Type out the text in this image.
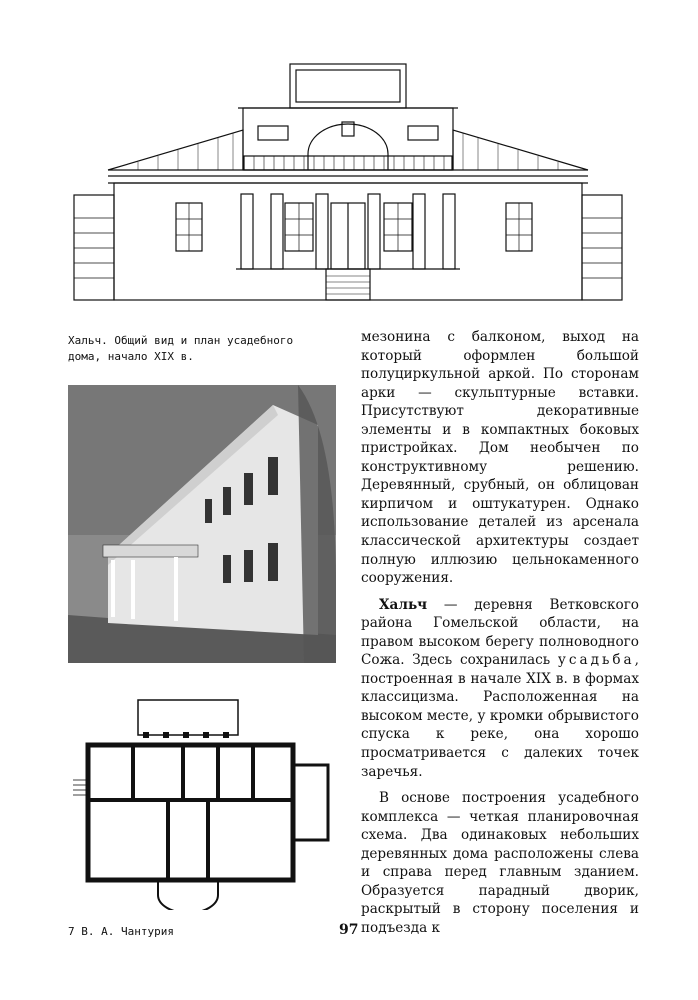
Хальч. Общий вид и план усадебного дома, начало XIX в.

мезонина с балконом, выход на который оформлен большой полуциркульной аркой. По сторонам арки — скульптурные вставки. Присутствуют декоративные элементы и в компактных боковых пристройках. Дом необычен по конструктивному решению. Деревянный, срубный, он облицован кирпичом и оштукатурен. Однако использование деталей из арсенала классической архитектуры создает полную иллюзию цельнокаменного сооружения.

Хальч — деревня Ветковского района Гомельской области, на правом высоком берегу полноводного Сожа. Здесь сохранилась усадьба, построенная в начале XIX в. в формах классицизма. Расположенная на высоком месте, у кромки обрывистого спуска к реке, она хорошо просматривается с далеких точек заречья.

В основе построения усадебного комплекса — четкая планировочная схема. Два одинаковых небольших деревянных дома расположены слева и справа перед главным зданием. Образуется парадный дворик, раскрытый в сторону поселения и подъезда к

7 В. А. Чантурия	97
